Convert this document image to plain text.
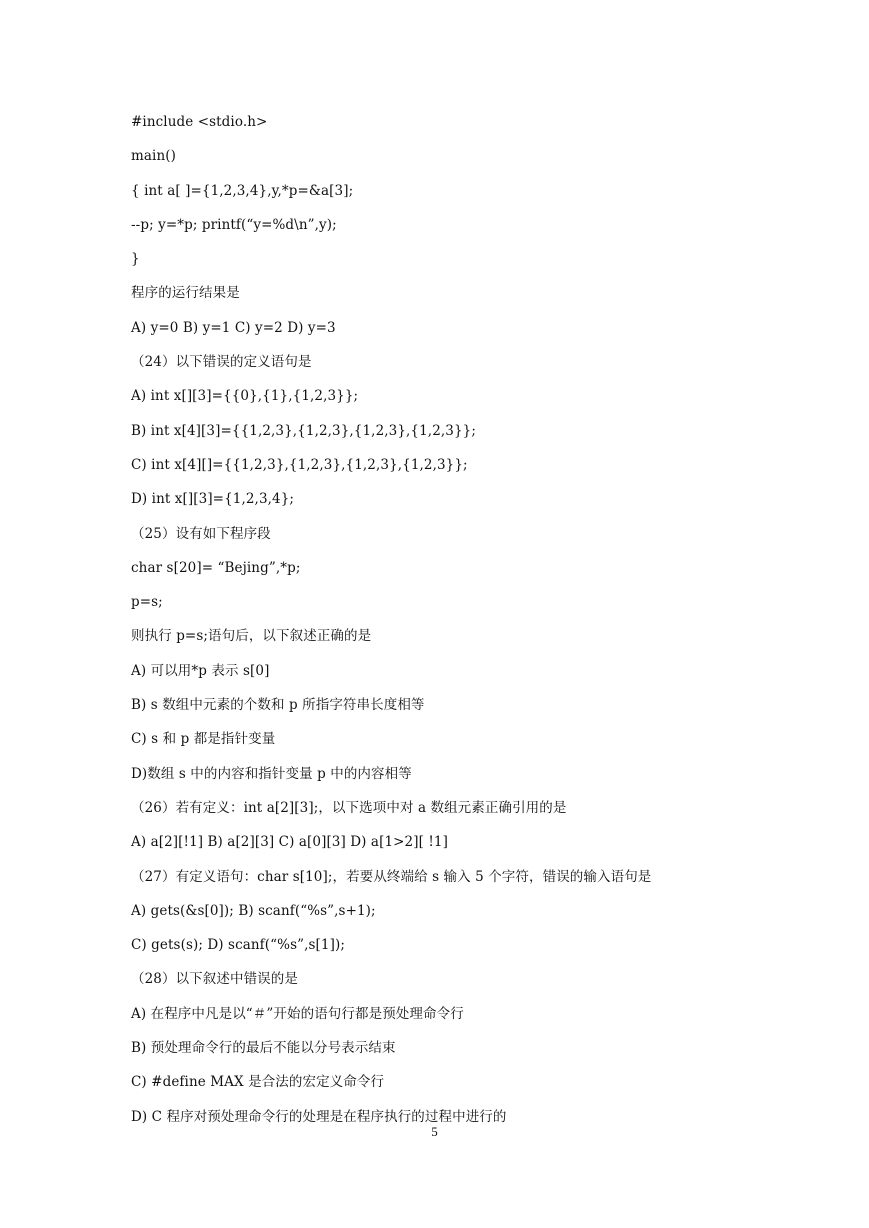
#include <stdio.h>
main()
{ int a[ ]={1,2,3,4},y,*p=&a[3];
--p; y=*p; printf(“y=%d\n”,y);
}
程序的运行结果是
A) y=0 B) y=1 C) y=2 D) y=3
（24）以下错误的定义语句是
A) int x[][3]={{0},{1},{1,2,3}};
B) int x[4][3]={{1,2,3},{1,2,3},{1,2,3},{1,2,3}};
C) int x[4][]={{1,2,3},{1,2,3},{1,2,3},{1,2,3}};
D) int x[][3]={1,2,3,4};
（25）设有如下程序段
char s[20]= “Bejing”,*p;
p=s;
则执行 p=s;语句后，以下叙述正确的是
A) 可以用*p 表示 s[0]
B) s 数组中元素的个数和 p 所指字符串长度相等
C) s 和 p 都是指针变量
D)数组 s 中的内容和指针变量 p 中的内容相等
（26）若有定义：int a[2][3];，以下选项中对 a 数组元素正确引用的是
A) a[2][!1] B) a[2][3] C) a[0][3] D) a[1>2][ !1]
（27）有定义语句：char s[10];，若要从终端给 s 输入 5 个字符，错误的输入语句是
A) gets(&s[0]); B) scanf(“%s”,s+1);
C) gets(s); D) scanf(“%s”,s[1]);
（28）以下叙述中错误的是
A) 在程序中凡是以“＃”开始的语句行都是预处理命令行
B) 预处理命令行的最后不能以分号表示结束
C) #define MAX 是合法的宏定义命令行
D) C 程序对预处理命令行的处理是在程序执行的过程中进行的
5
